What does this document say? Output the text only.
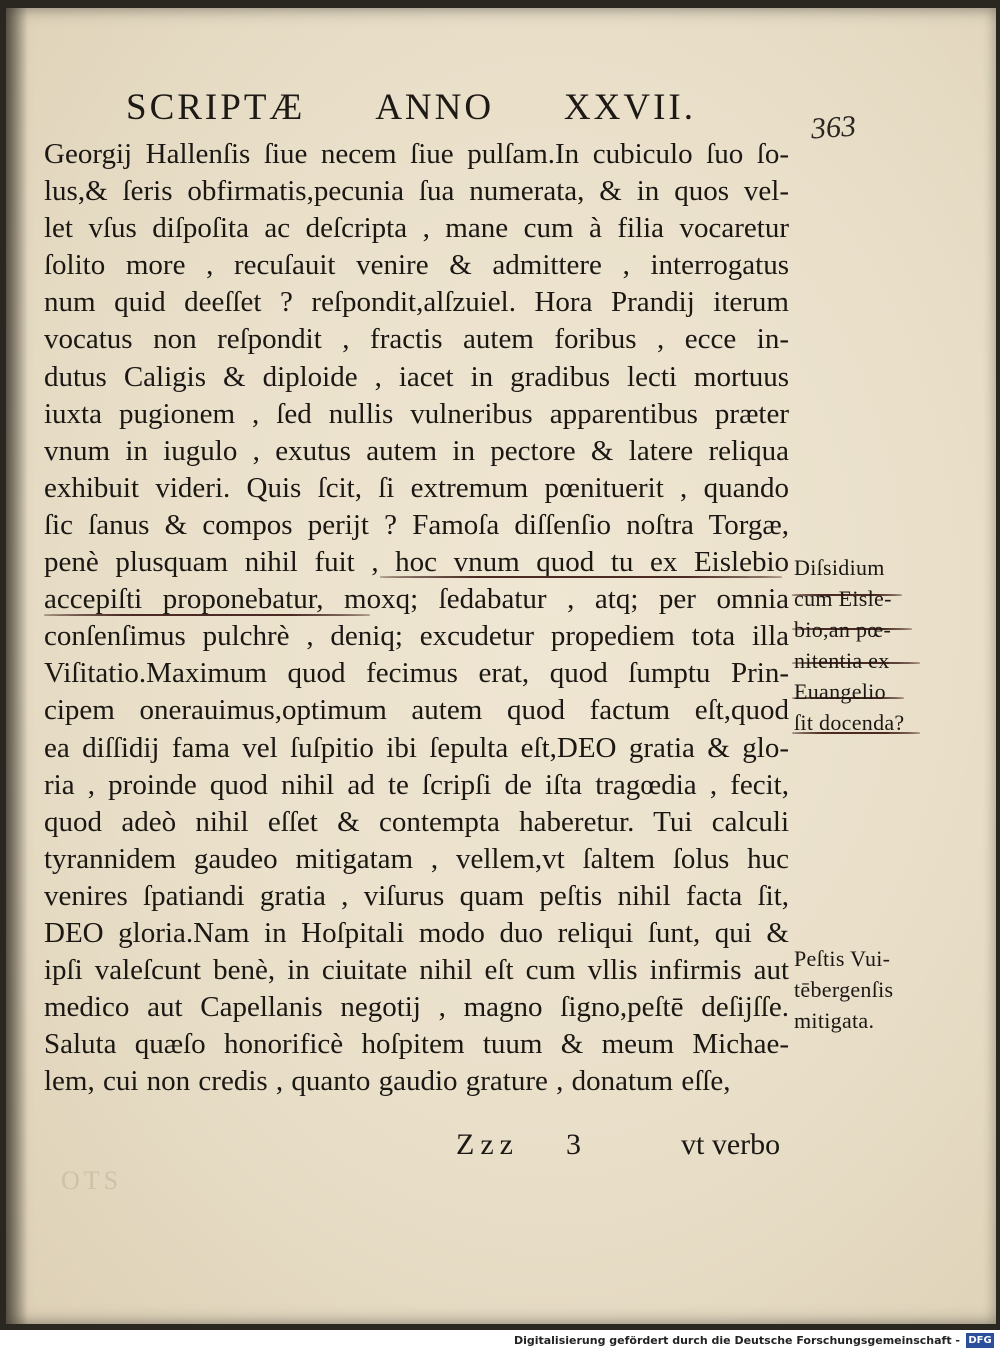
SCRIPTÆ ANNO XXVII.	363
Georgij Hallenſis ſiue necem ſiue pulſam.In cubiculo ſuo ſo-
lus,& ſeris obfirmatis,pecunia ſua numerata, & in quos vel-
let vſus diſpoſita ac deſcripta , mane cum à filia vocaretur
ſolito more , recuſauit venire & admittere , interrogatus
num quid deeſſet ? reſpondit,alſzuiel. Hora Prandij iterum
vocatus non reſpondit , fractis autem foribus , ecce in-
dutus Caligis & diploide , iacet in gradibus lecti mortuus
iuxta pugionem , ſed nullis vulneribus apparentibus præter
vnum in iugulo , exutus autem in pectore & latere reliqua
exhibuit videri. Quis ſcit, ſi extremum pœnituerit , quando
ſic ſanus & compos perijt ? Famoſa diſſenſio noſtra Torgæ,
penè plusquam nihil fuit , hoc vnum quod tu ex Eislebio
accepiſti proponebatur, moxq; ſedabatur , atq; per omnia
conſenſimus pulchrè , deniq; excudetur propediem tota illa
Viſitatio.Maximum quod fecimus erat, quod ſumptu Prin-
cipem onerauimus,optimum autem quod factum eſt,quod
ea diſſidij fama vel ſuſpitio ibi ſepulta eſt,DEO gratia & glo-
ria , proinde quod nihil ad te ſcripſi de iſta tragœdia , fecit,
quod adeò nihil eſſet & contempta haberetur. Tui calculi
tyrannidem gaudeo mitigatam , vellem,vt ſaltem ſolus huc
venires ſpatiandi gratia , viſurus quam peſtis nihil facta ſit,
DEO gloria.Nam in Hoſpitali modo duo reliqui ſunt, qui &
ipſi valeſcunt benè, in ciuitate nihil eſt cum vllis infirmis aut
medico aut Capellanis negotij , magno ſigno,peſtē deſijſſe.
Saluta quæſo honorificè hoſpitem tuum & meum Michae-
lem, cui non credis , quanto gaudio grature , donatum eſſe,
Diſsidium
cum Eisle-
bio,an pœ-
nitentia ex
Euangelio
ſit docenda?
Peſtis Vui-
tēbergenſis
mitigata.
Zzz 3	vt verbo
OTS
Digitalisierung gefördert durch die Deutsche Forschungsgemeinschaft - DFG
